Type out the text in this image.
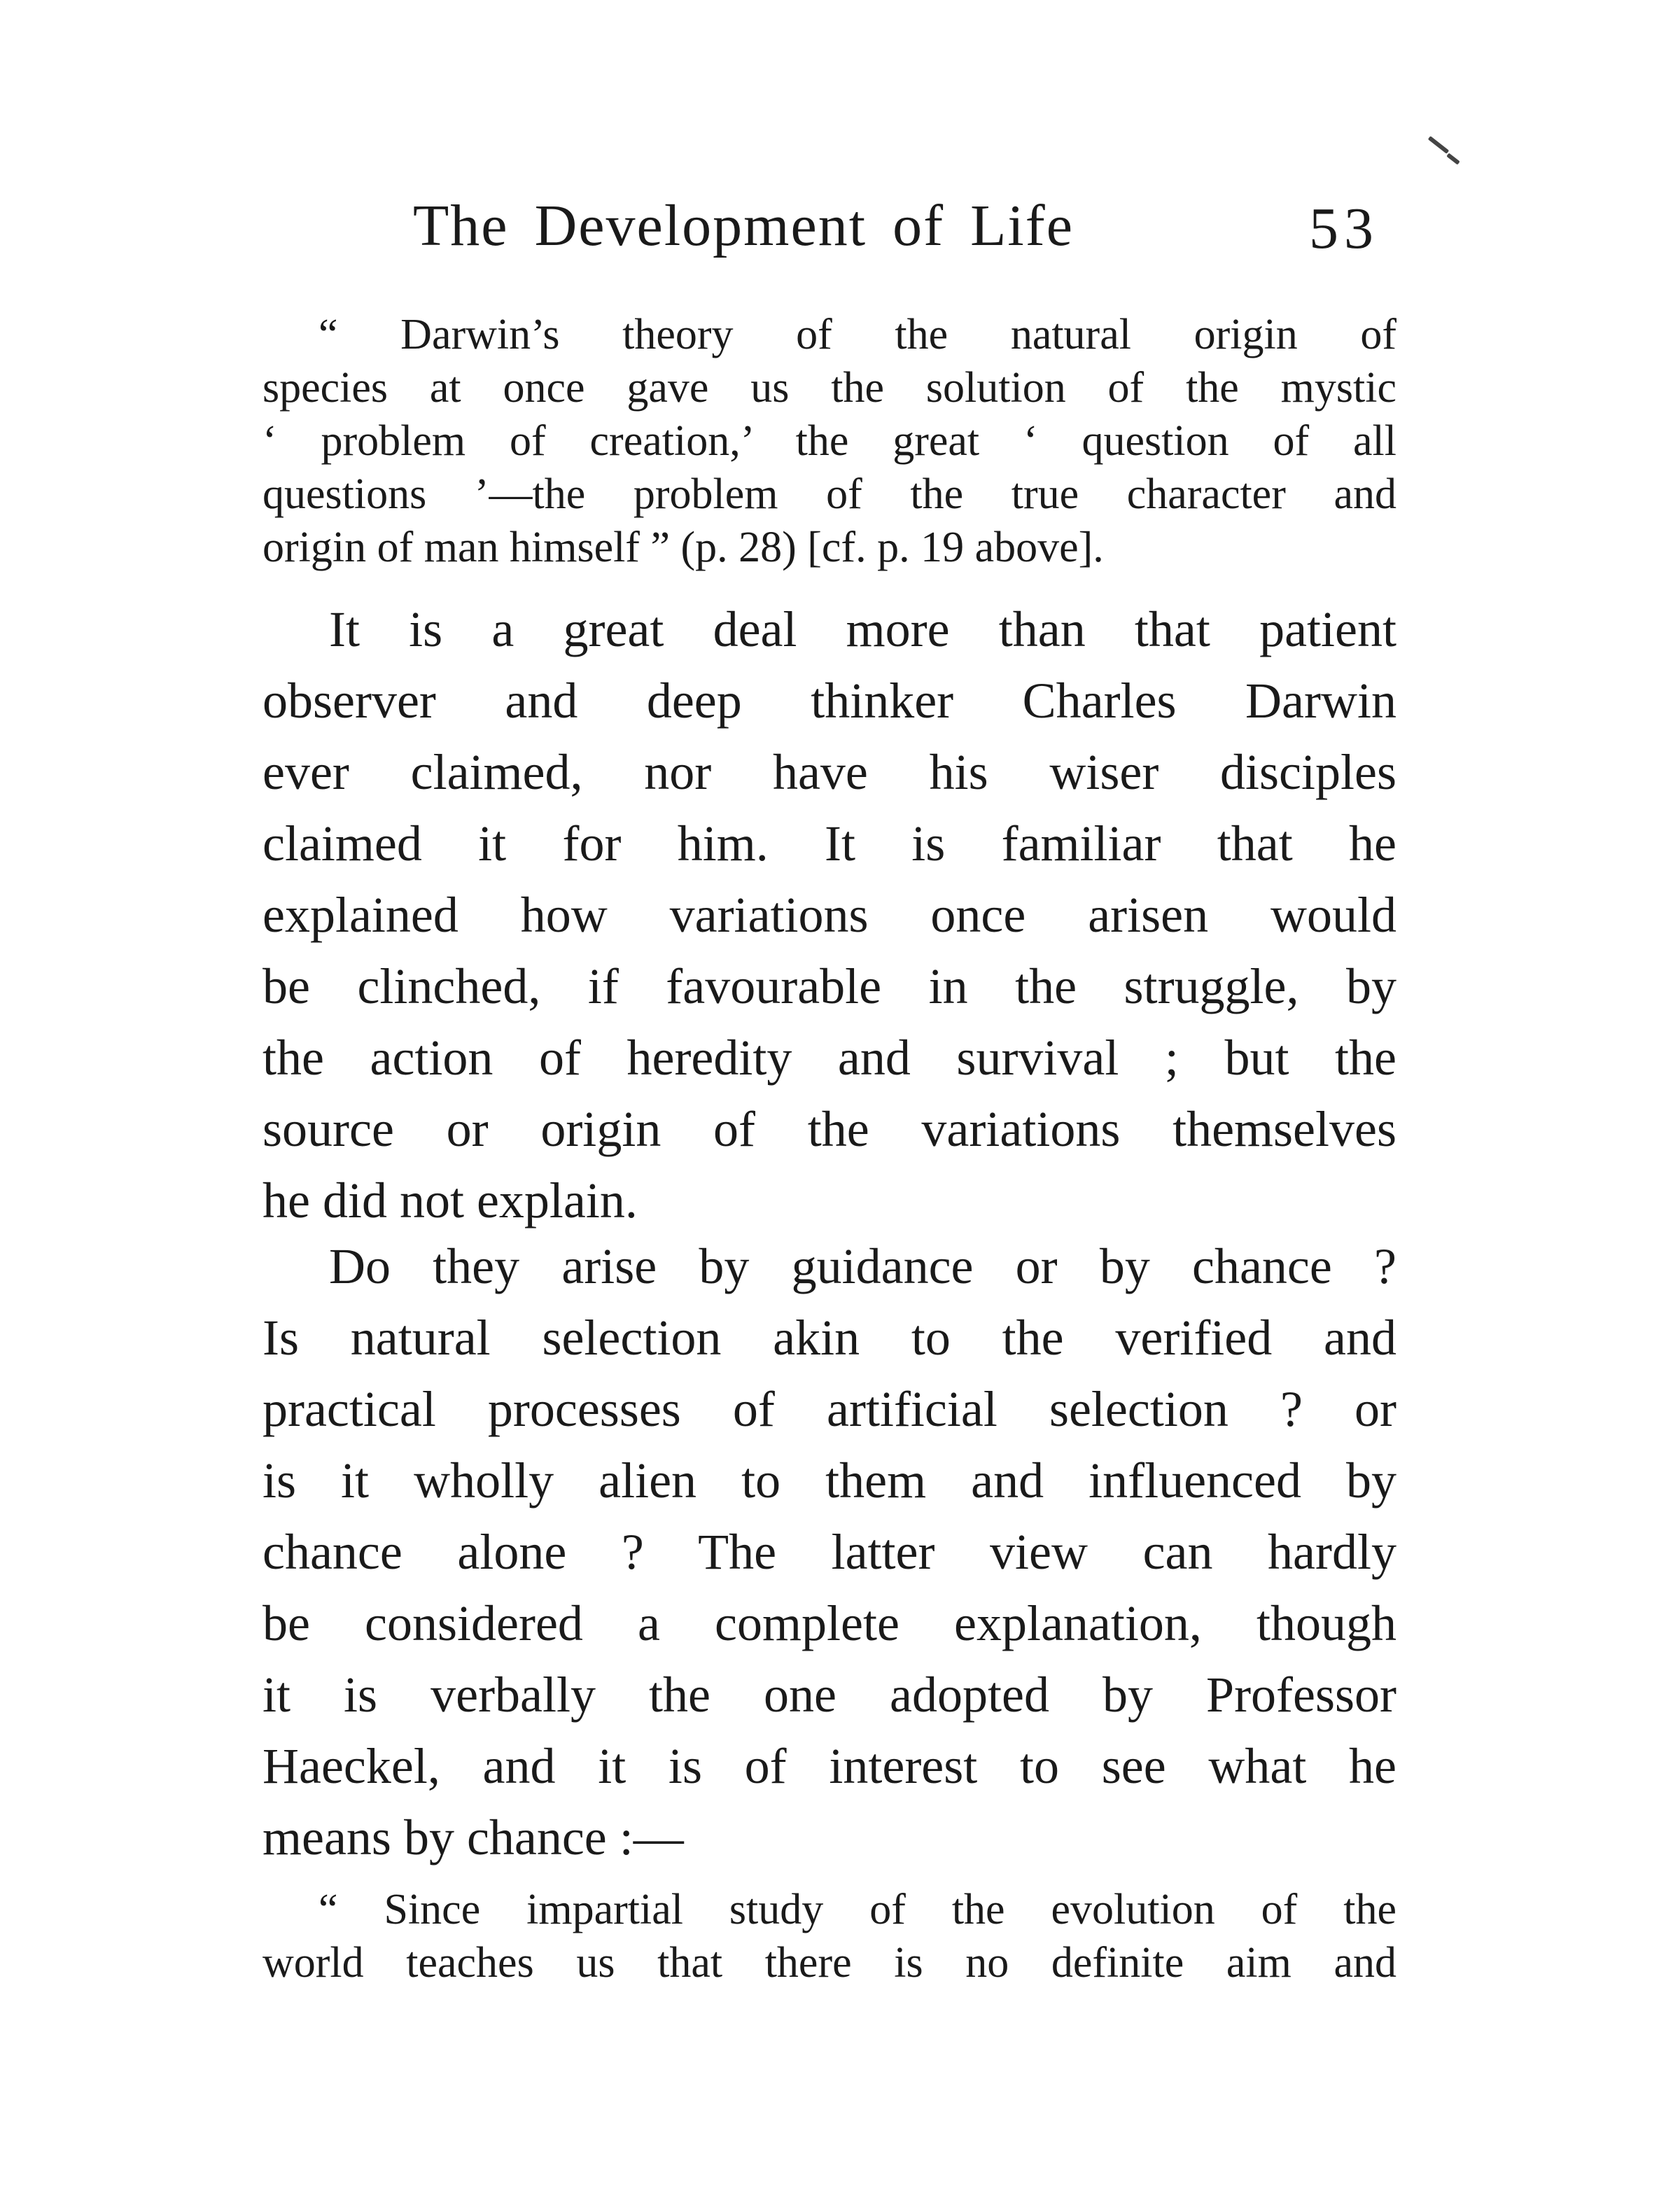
The Development of Life	53
“ Darwin’s theory of the natural origin of
species at once gave us the solution of the mystic
‘ problem of creation,’ the great ‘ question of all
questions ’—the problem of the true character and
origin of man himself ” (p. 28) [cf. p. 19 above].
It is a great deal more than that patient
observer and deep thinker Charles Darwin
ever claimed, nor have his wiser disciples
claimed it for him. It is familiar that he
explained how variations once arisen would
be clinched, if favourable in the struggle, by
the action of heredity and survival ; but the
source or origin of the variations themselves
he did not explain.
Do they arise by guidance or by chance ?
Is natural selection akin to the verified and
practical processes of artificial selection ? or
is it wholly alien to them and influenced by
chance alone ? The latter view can hardly
be considered a complete explanation, though
it is verbally the one adopted by Professor
Haeckel, and it is of interest to see what he
means by chance :—
“ Since impartial study of the evolution of the
world teaches us that there is no definite aim and
